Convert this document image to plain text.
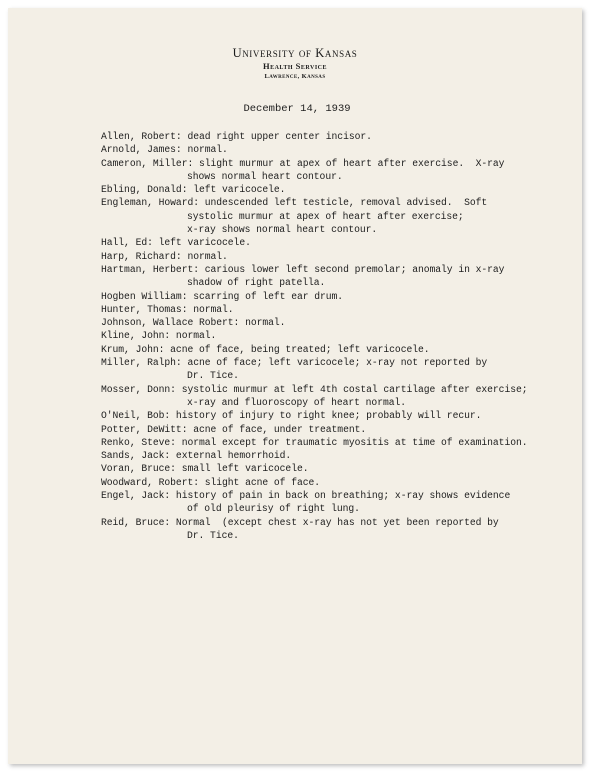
University of Kansas
Health Service
Lawrence, Kansas
December 14, 1939
Allen, Robert: dead right upper center incisor.
Arnold, James: normal.
Cameron, Miller: slight murmur at apex of heart after exercise.  X-ray
shows normal heart contour.
Ebling, Donald: left varicocele.
Engleman, Howard: undescended left testicle, removal advised.  Soft
systolic murmur at apex of heart after exercise;
x-ray shows normal heart contour.
Hall, Ed: left varicocele.
Harp, Richard: normal.
Hartman, Herbert: carious lower left second premolar; anomaly in x-ray
shadow of right patella.
Hogben William: scarring of left ear drum.
Hunter, Thomas: normal.
Johnson, Wallace Robert: normal.
Kline, John: normal.
Krum, John: acne of face, being treated; left varicocele.
Miller, Ralph: acne of face; left varicocele; x-ray not reported by
Dr. Tice.
Mosser, Donn: systolic murmur at left 4th costal cartilage after exercise;
x-ray and fluoroscopy of heart normal.
O'Neil, Bob: history of injury to right knee; probably will recur.
Potter, DeWitt: acne of face, under treatment.
Renko, Steve: normal except for traumatic myositis at time of examination.
Sands, Jack: external hemorrhoid.
Voran, Bruce: small left varicocele.
Woodward, Robert: slight acne of face.
Engel, Jack: history of pain in back on breathing; x-ray shows evidence
of old pleurisy of right lung.
Reid, Bruce: Normal  (except chest x-ray has not yet been reported by
Dr. Tice.
